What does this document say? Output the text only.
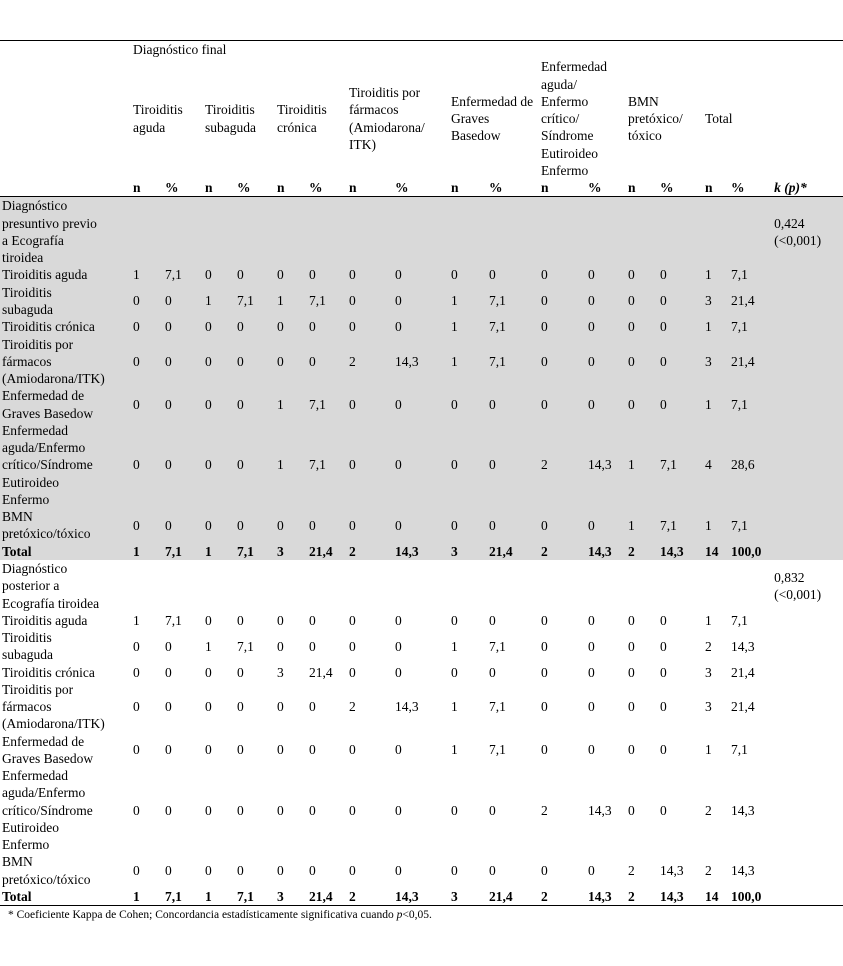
	Diagnóstico final																
	Tiroiditis aguda		Tiroiditis subaguda		Tiroiditis crónica		Tiroiditis por fármacos (Amiodarona/ ITK)		Enfermedad de Graves Basedow		Enfermedad aguda/ Enfermo crítico/ Síndrome Eutiroideo Enfermo		BMN pretóxico/ tóxico		Total		
	n	%	n	%	n	%	n	%	n	%	n	%	n	%	n	%	k (p)*
Diagnóstico presuntivo previo a Ecografía tiroidea																	0,424
(<0,001)

Tiroiditis aguda	1	7,1	0	0	0	0	0	0	0	0	0	0	0	0	1	7,1	
Tiroiditis subaguda	0	0	1	7,1	1	7,1	0	0	1	7,1	0	0	0	0	3	21,4	
Tiroiditis crónica	0	0	0	0	0	0	0	0	1	7,1	0	0	0	0	1	7,1	
Tiroiditis por fármacos (Amiodarona/ITK)	0	0	0	0	0	0	2	14,3	1	7,1	0	0	0	0	3	21,4	
Enfermedad de Graves Basedow	0	0	0	0	1	7,1	0	0	0	0	0	0	0	0	1	7,1	
Enfermedad aguda/Enfermo crítico/Síndrome Eutiroideo Enfermo	0	0	0	0	1	7,1	0	0	0	0	2	14,3	1	7,1	4	28,6	
BMN pretóxico/tóxico	0	0	0	0	0	0	0	0	0	0	0	0	1	7,1	1	7,1	
Total	1	7,1	1	7,1	3	21,4	2	14,3	3	21,4	2	14,3	2	14,3	14	100,0	
Diagnóstico posterior a Ecografía tiroidea																	0,832
(<0,001)

Tiroiditis aguda	1	7,1	0	0	0	0	0	0	0	0	0	0	0	0	1	7,1	
Tiroiditis subaguda	0	0	1	7,1	0	0	0	0	1	7,1	0	0	0	0	2	14,3	
Tiroiditis crónica	0	0	0	0	3	21,4	0	0	0	0	0	0	0	0	3	21,4	
Tiroiditis por fármacos (Amiodarona/ITK)	0	0	0	0	0	0	2	14,3	1	7,1	0	0	0	0	3	21,4	
Enfermedad de Graves Basedow	0	0	0	0	0	0	0	0	1	7,1	0	0	0	0	1	7,1	
Enfermedad aguda/Enfermo crítico/Síndrome Eutiroideo Enfermo	0	0	0	0	0	0	0	0	0	0	2	14,3	0	0	2	14,3	
BMN pretóxico/tóxico	0	0	0	0	0	0	0	0	0	0	0	0	2	14,3	2	14,3	
Total	1	7,1	1	7,1	3	21,4	2	14,3	3	21,4	2	14,3	2	14,3	14	100,0	

* Coeficiente Kappa de Cohen; Concordancia estadísticamente significativa cuando p<0,05.
